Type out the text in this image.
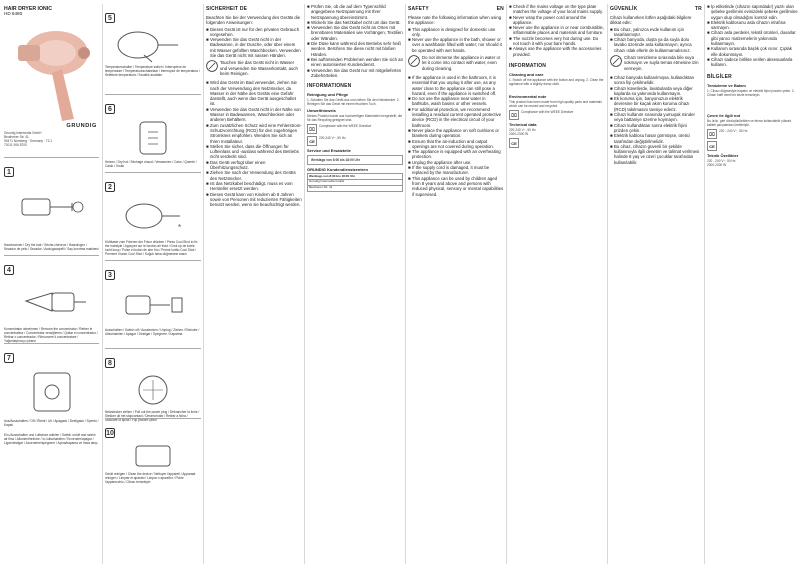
HAIR DRYER IONIC
HD 6480
GRUNDIG
Grundig Intermedia GmbH
Beuthener Str. 41
90471 Nürnberg · Germany · 73.1
72011 906 8700
1
Haartrockner / Dry the hair / Sèche-cheveux / Haardroger / Secador de pelo / Secador / Asciugacapelli / Saç kurutma makinesi
4
Konzentrator abnehmen / Remove the concentrator / Retirer le concentrateur / Concentrator verwijderen / Quitar el concentrador / Retirar o concentrador / Rimuovere il concentratore / Yoğunlaştırıcıyı çıkarın
7
Aus/Ausschalten / Off / Éteint / Uit / Apagado / Desligado / Spento / Kapalı
Ein-/Ausschalten und Luftstrom wählen / Switch on/off and select air flow / Allumer/éteindre / In-/uitschakelen / Encender/apagar / Ligar/desligar / Accendere/spegnere / Açma/kapama ve hava akışı
5
Temperaturschalter / Temperature switch / Interrupteur de température / Temperatuurschakelaar / Interruptor de temperatura / Selettore temperatura / Sıcaklık anahtarı
6
Heizen / Dry hot / Séchage chaud / Verwarmen / Calor / Quente / Caldo / Sıcak
2
*
Kühltaste zum Fixieren der Frisur drücken / Press Cool Shot to fix the hairstyle / Appuyez sur le bouton air froid / Druk op de koele lucht knop / Pulse el botón de aire frío / Premir botão Cool Shot / Premere il tasto Cool Shot / Soğuk hava düğmesine basın
3
Ausschalten / Switch off / Ausstecken / Unplug / Ziehen / Éteindre / Uitschakelen / Apagar / Desligar / Spegnere / Kapatma
8
Netzstecker ziehen / Pull out the power plug / Débrancher la fiche / Stekker uit het stopcontact / Desenchufar / Retirar a ficha / Staccare la spina / Fişi prizden çekin
10
Gerät reinigen / Clean the device / Nettoyer l'appareil / Apparaat reinigen / Limpiar el aparato / Limpar o aparelho / Pulire l'apparecchio / Cihazı temizleyin
SICHERHEIT DE
Beachten Sie bei der Verwendung des Geräts die folgenden Anweisungen:
■ Dieses Gerät ist nur für den privaten Gebrauch vorgesehen.
■ Verwenden Sie das Gerät nicht in der Badewanne, in der Dusche, oder über einem mit Wasser gefüllten Waschbecken. Verwenden Sie das Gerät nicht mit nassen Händen.
Tauchen Sie das Gerät nicht in Wasser und verwenden Sie Wasserkontakt, auch beim Reinigen.
■ Wird das Gerät im Bad verwendet, ziehen Sie nach der Verwendung den Netzstecker, da Wasser in der Nähe des Geräts eine Gefahr darstellt, auch wenn das Gerät ausgeschaltet ist.
■ Verwenden Sie das Gerät nicht in der Nähe von Wasser in Badewannen, Waschbecken oder anderen Behältern.
■ Zum zusätzlichen Schutz wird eine Fehlerstrom-Schutzvorrichtung (RCD) für den zugehörigen Stromkreis empfohlen. Wenden Sie sich an Ihren Installateur.
■ Stellen Sie sicher, dass die Öffnungen für Lufteinlass und -auslass während des Betriebs nicht verdeckt sind.
■ Das Gerät verfügt über einen Überhitzungsschutz.
■ Ziehen Sie nach der Verwendung des Geräts den Netzstecker.
■ Ist das Netzkabel beschädigt, muss es vom Hersteller ersetzt werden.
■ Dieses Gerät kann von Kindern ab 8 Jahren sowie von Personen mit reduzierten Fähigkeiten benutzt werden, wenn sie beaufsichtigt werden.
■ Prüfen Sie, ob die auf dem Typenschild angegebene Netzspannung mit Ihrer Netzspannung übereinstimmt.
■ Wickeln Sie das Netzkabel nicht um das Gerät.
■ Verwenden Sie das Gerät nicht an Orten mit brennbaren Materialien wie Vorhängen, Textilien oder Wänden.
■ Die Düse kann während des Betriebs sehr heiß werden. Berühren Sie diese nicht mit bloßen Händen.
■ Bei auftretenden Problemen wenden Sie sich an einen autorisierten Kundendienst.
■ Verwenden Sie das Gerät nur mit mitgelieferten Zubehörteilen.
INFORMATIONEN
Reinigung und Pflege
1. Schalten Sie das Gerät aus und ziehen Sie den Netzstecker. 2. Reinigen Sie das Gerät mit einem feuchten Tuch.
Umwelthinweis
Dieses Produkt wurde aus hochwertigen Materialien hergestellt, die für das Recycling geeignet sind.
⌧
Compliance with the WEEE Directive
CE
220-240 V~, 50 Hz
Service und Ersatzteile
Werktags von 8:00 bis 18:00 Uhr
GRUNDIG Kundendienstzentren
Werktags von 8:00 bis 18:00 Uhr
Grundig Intermedia GmbH
Beuthener Str. 41
SAFETY	EN
Please note the following information when using the appliance:
■ This appliance is designed for domestic use only.
■ Never use the appliance in the bath, shower or over a washbasin filled with water; nor should it be operated with wet hands.
Do not immerse the appliance in water or let it come into contact with water, even during cleaning.
■ If the appliance is used in the bathroom, it is essential that you unplug it after use, as any water close to the appliance can still pose a hazard, even if the appliance is switched off.
■ Do not use the appliance near water in bathtubs, wash basins or other vessels.
■ For additional protection, we recommend installing a residual current operated protective device (RCD) in the electrical circuit of your bathroom.
■ Never place the appliance on soft cushions or blankets during operation.
■ Ensure that the air-induction and output openings are not covered during operation.
■ The appliance is equipped with an overheating protection.
■ Unplug the appliance after use.
■ If the supply cord is damaged, it must be replaced by the manufacturer.
■ This appliance can be used by children aged from 8 years and above and persons with reduced physical, sensory or mental capabilities if supervised.
■ Check if the mains voltage on the type plate matches the voltage of your local mains supply.
■ Never wrap the power cord around the appliance.
■ Never use the appliance in or near combustible, inflammable places and materials and furniture.
■ The nozzle becomes very hot during use. Do not touch it with your bare hands.
■ Always use the appliance with the accessories provided.
INFORMATION
Cleaning and care
1. Switch off the appliance with the button and unplug. 2. Clean the appliance with a slightly damp cloth.
Environmental note
This product has been made from high-quality parts and materials which can be reused and recycled.
⌧
Compliance with the WEEE Directive
Technical data
220-240 V~, 50 Hz
2000-2300 W
CE
GÜVENLİK	TR
Cihazı kullanırken lütfen aşağıdaki bilgilere dikkat edin:
■ Bu cihaz, yalnızca evde kullanım için tasarlanmıştır.
■ Cihazı banyoda, duşta ya da suyla dolu lavabo üzerinde asla kullanmayın; ayrıca cihazı ıslak ellerle de kullanmamalısınız.
Cihazı temizleme sırasında bile suya sokmayın ve suyla temas etmesine izin vermeyin.
■ Cihaz banyoda kullanılmışsa, kullandıktan sonra fişi çekilmelidir.
■ Cihazı küvetlerde, lavabolarda veya diğer kaplarda su yakınında kullanmayın.
■ Ek koruma için, banyonuzun elektrik devresine bir kaçak akım koruma cihazı (RCD) takılmasını tavsiye ederiz.
■ Cihazı kullanım sırasında yumuşak minder veya battaniye üzerine koymayın.
■ Cihazı kullandıktan sonra elektrik fişini prizden çekin.
■ Elektrik kablosu hasar görmüşse, üretici tarafından değiştirilmelidir.
■ Bu cihaz, cihazın güvenli bir şekilde kullanımıyla ilgili denetim ve talimat verilmesi halinde 8 yaş ve üzeri çocuklar tarafından kullanılabilir.
■ İp etiketinde (cihazın sapındadır) yazılı olan şebeke gerilimini evinizdeki şebeke gerilimine uygun olup olmadığını kontrol edin.
■ Elektrik kablosunu asla cihazın etrafına sarmayın.
■ Cihazı asla perdeler, tekstil ürünleri, duvarlar gibi yanıcı malzemelerin yakınında kullanmayın.
■ Kullanım sırasında başlık çok ısınır. Çıplak elle dokunmayın.
■ Cihazı sadece birlikte verilen aksesuarlarla kullanın.
BİLGİLER
Temizleme ve Bakım
1. Cihazı düğmesiyle kapatın ve elektrik fişini prizden çekin. 2. Cihazı hafif nemli bir bezle temizleyin.
Çevre ile ilgili not
Bu ürün, geri dönüştürülebilen ve tekrar kullanılabilir yüksek kaliteli parçalardan üretilmiştir.
⌧
220 - 240 V~, 50 Hz
CE
Teknik Özellikler
220 - 240 V~, 50 Hz
2000-2300 W
